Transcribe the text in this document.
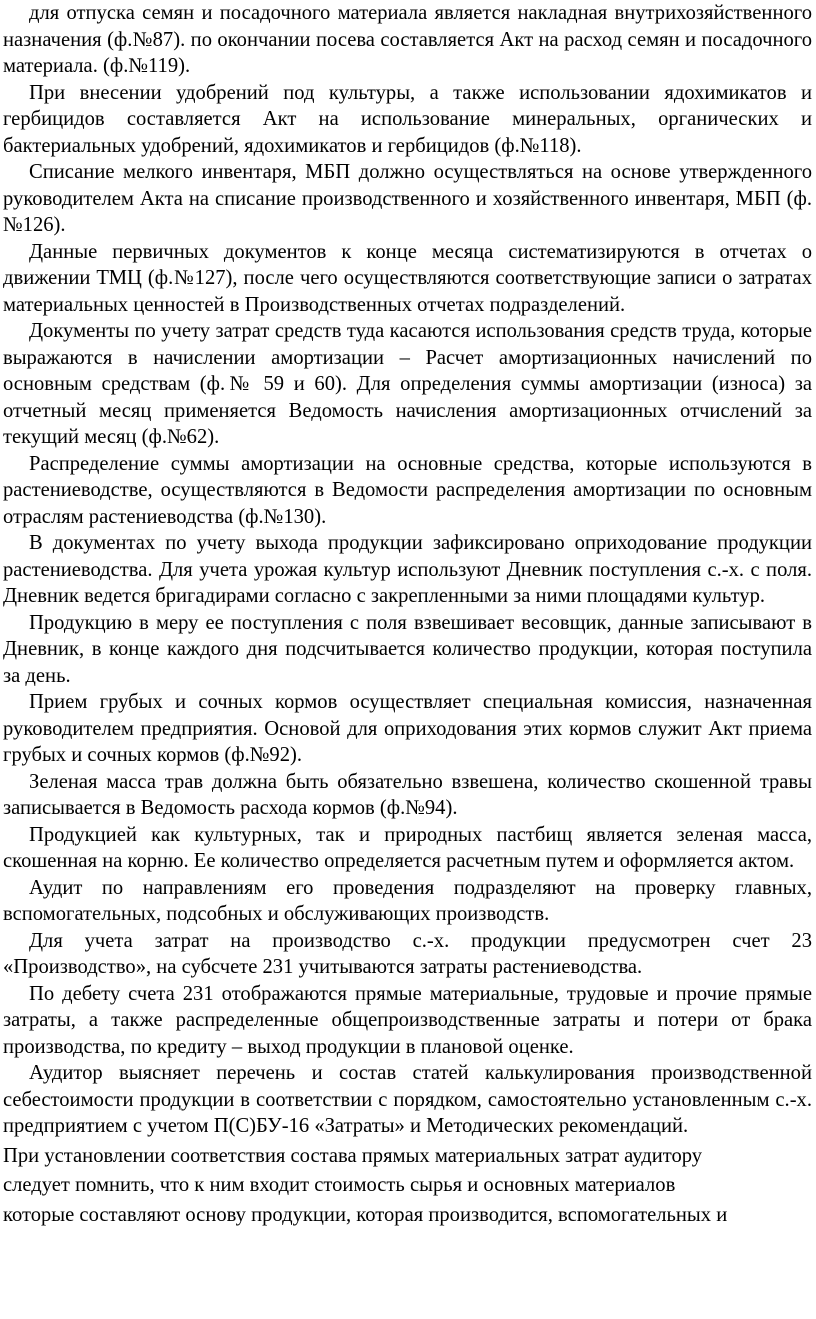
для отпуска семян и посадочного материала является накладная внутрихозяйственного назначения (ф.№87). по окончании посева составляется Акт на расход семян и посадочного материала. (ф.№119).

При внесении удобрений под культуры, а также использовании ядохимикатов и гербицидов составляется Акт на использование минеральных, органических и бактериальных удобрений, ядохимикатов и гербицидов (ф.№118).

Списание мелкого инвентаря, МБП должно осуществляться на основе утвержденного руководителем Акта на списание производственного и хозяйственного инвентаря, МБП (ф.№126).

Данные первичных документов к конце месяца систематизируются в отчетах о движении ТМЦ (ф.№127), после чего осуществляются соответствующие записи о затратах материальных ценностей в Производственных отчетах подразделений.

Документы по учету затрат средств туда касаются использования средств труда, которые выражаются в начислении амортизации – Расчет амортизационных начислений по основным средствам (ф.№ 59 и 60). Для определения суммы амортизации (износа) за отчетный месяц применяется Ведомость начисления амортизационных отчислений за текущий месяц (ф.№62).

Распределение суммы амортизации на основные средства, которые используются в растениеводстве, осуществляются в Ведомости распределения амортизации по основным отраслям растениеводства (ф.№130).

В документах по учету выхода продукции зафиксировано оприходование продукции растениеводства. Для учета урожая культур используют Дневник поступления с.-х. с поля. Дневник ведется бригадирами согласно с закрепленными за ними площадями культур.

Продукцию в меру ее поступления с поля взвешивает весовщик, данные записывают в Дневник, в конце каждого дня подсчитывается количество продукции, которая поступила за день.

Прием грубых и сочных кормов осуществляет специальная комиссия, назначенная руководителем предприятия. Основой для оприходования этих кормов служит Акт приема грубых и сочных кормов (ф.№92).

Зеленая масса трав должна быть обязательно взвешена, количество скошенной травы записывается в Ведомость расхода кормов (ф.№94).

Продукцией как культурных, так и природных пастбищ является зеленая масса, скошенная на корню. Ее количество определяется расчетным путем и оформляется актом.

Аудит по направлениям его проведения подразделяют на проверку главных, вспомогательных, подсобных и обслуживающих производств.

Для учета затрат на производство с.-х. продукции предусмотрен счет 23 «Производство», на субсчете 231 учитываются затраты растениеводства.

По дебету счета 231 отображаются прямые материальные, трудовые и прочие прямые затраты, а также распределенные общепроизводственные затраты и потери от брака производства, по кредиту – выход продукции в плановой оценке.

Аудитор выясняет перечень и состав статей калькулирования производственной себестоимости продукции в соответствии с порядком, самостоятельно установленным с.-х. предприятием с учетом П(С)БУ-16 «Затраты» и Методических рекомендаций.

При установлении соответствия состава прямых материальных затрат аудитору
следует помнить, что к ним входит стоимость сырья и основных материалов
которые составляют основу продукции, которая производится, вспомогательных и
